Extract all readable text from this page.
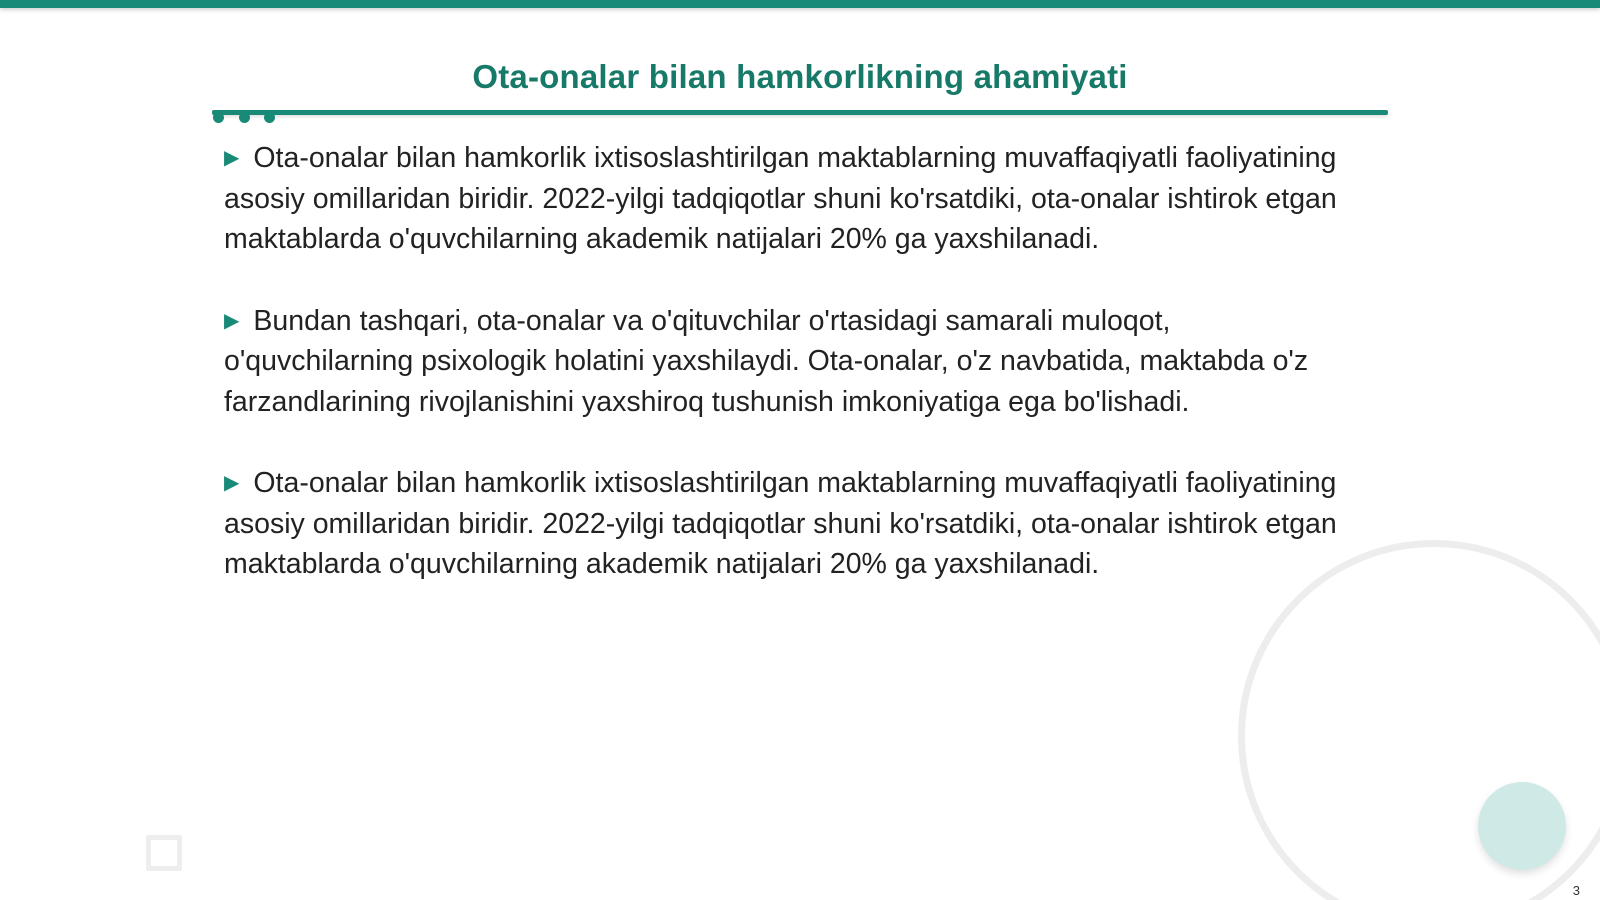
Ota-onalar bilan hamkorlikning ahamiyati

▶ Ota-onalar bilan hamkorlik ixtisoslashtirilgan maktablarning muvaffaqiyatli faoliyatining asosiy omillaridan biridir. 2022-yilgi tadqiqotlar shuni ko'rsatdiki, ota-onalar ishtirok etgan maktablarda o'quvchilarning akademik natijalari 20% ga yaxshilanadi.

▶ Bundan tashqari, ota-onalar va o'qituvchilar o'rtasidagi samarali muloqot, o'quvchilarning psixologik holatini yaxshilaydi. Ota-onalar, o'z navbatida, maktabda o'z farzandlarining rivojlanishini yaxshiroq tushunish imkoniyatiga ega bo'lishadi.

▶ Ota-onalar bilan hamkorlik ixtisoslashtirilgan maktablarning muvaffaqiyatli faoliyatining asosiy omillaridan biridir. 2022-yilgi tadqiqotlar shuni ko'rsatdiki, ota-onalar ishtirok etgan maktablarda o'quvchilarning akademik natijalari 20% ga yaxshilanadi.

3
